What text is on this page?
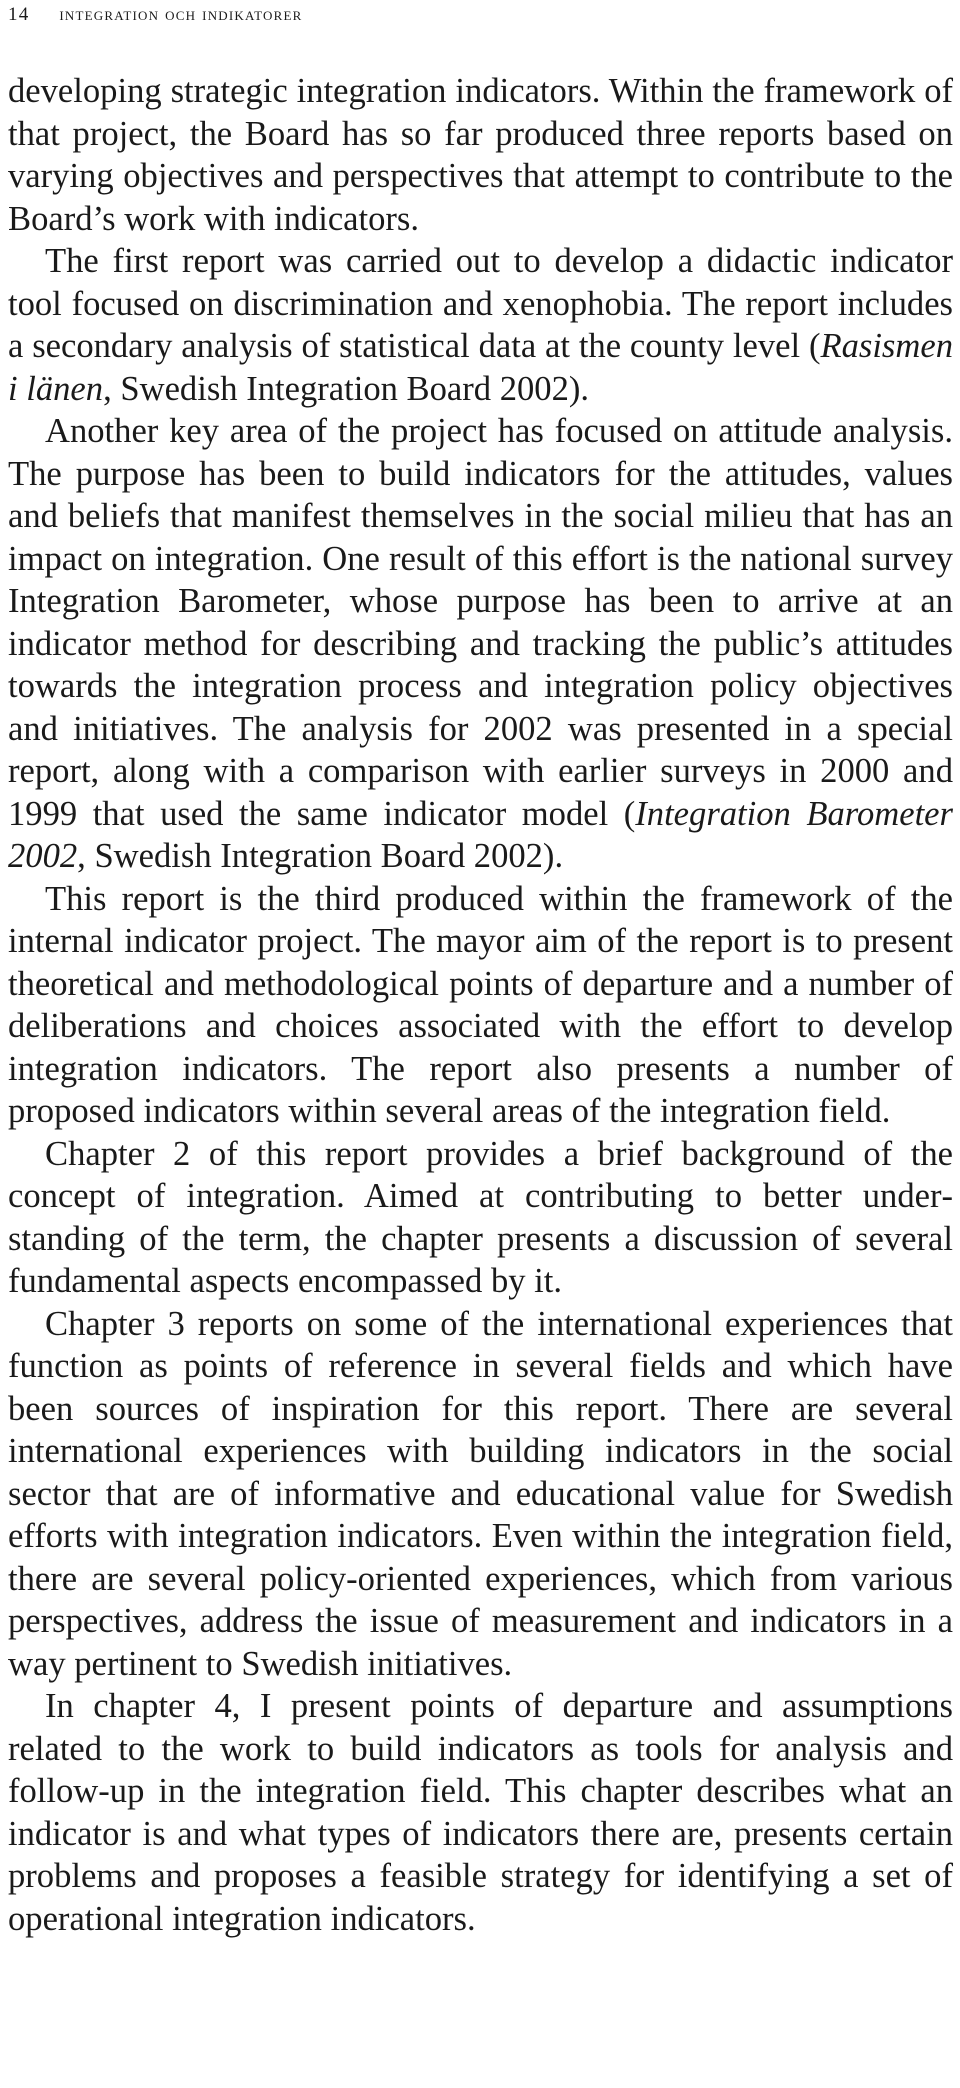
14 integration och indikatorer

developing strategic integration indicators. Within the framework of that project, the Board has so far produced three reports based on varying objectives and perspectives that attempt to contribute to the Board’s work with indicators.

The first report was carried out to develop a didactic indicator tool focused on discrimination and xenophobia. The report includes a secondary analysis of statistical data at the county level (Rasismen i länen, Swedish Integration Board 2002).

Another key area of the project has focused on attitude analysis. The purpose has been to build indicators for the attitudes, values and beliefs that manifest themselves in the social milieu that has an impact on integration. One result of this effort is the national survey Integration Barometer, whose purpose has been to arrive at an indicator method for describing and tracking the public’s attitudes towards the integration process and integration policy objectives and initiatives. The analysis for 2002 was presented in a special report, along with a comparison with earlier surveys in 2000 and 1999 that used the same indicator model (Integration Barometer 2002, Swedish Integration Board 2002).

This report is the third produced within the framework of the internal indicator project. The mayor aim of the report is to present theoretical and methodological points of departure and a number of deliberations and choices associated with the effort to develop integration indicators. The report also presents a number of proposed indicators within several areas of the integration field.

Chapter 2 of this report provides a brief background of the concept of integration. Aimed at contributing to better understanding of the term, the chapter presents a discussion of several fundamental aspects encompassed by it.

Chapter 3 reports on some of the international experiences that function as points of reference in several fields and which have been sources of inspiration for this report. There are several international experiences with building indicators in the social sector that are of informative and educational value for Swedish efforts with integration indicators. Even within the integration field, there are several policy-oriented experiences, which from various perspectives, address the issue of measurement and indicators in a way pertinent to Swedish initiatives.

In chapter 4, I present points of departure and assumptions related to the work to build indicators as tools for analysis and follow-up in the integration field. This chapter describes what an indicator is and what types of indicators there are, presents certain problems and proposes a feasible strategy for identifying a set of operational integration indicators.
